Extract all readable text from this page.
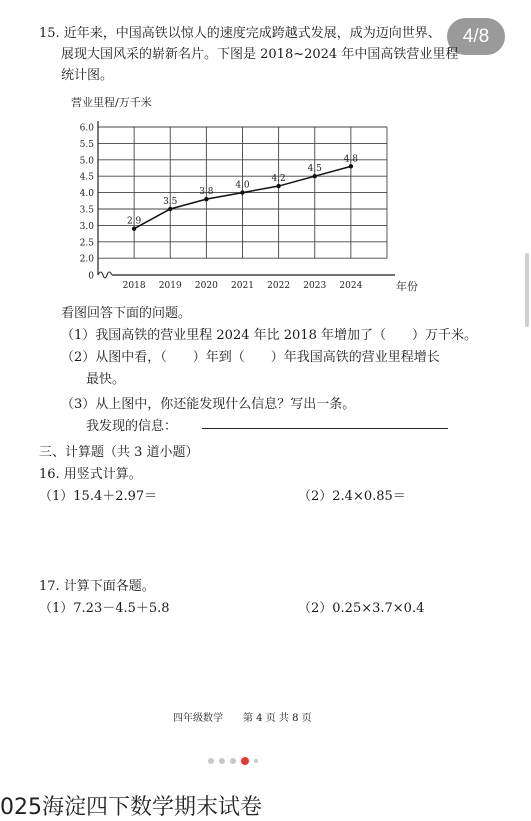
4/8
15. 近年来，中国高铁以惊人的速度完成跨越式发展，成为迈向世界、
展现大国风采的崭新名片。下图是 2018~2024 年中国高铁营业里程
统计图。
营业里程/万千米
年份
0
2.0
2.5
3.0
3.5
4.0
4.5
5.0
5.5
6.0
2018 2019 2020 2021 2022 2023 2024
2.9
3.5
3.8
4.0
4.2
4.5
4.8
看图回答下面的问题。
（1）我国高铁的营业里程 2024 年比 2018 年增加了（　　）万千米。
（2）从图中看，（　　）年到（　　）年我国高铁的营业里程增长
最快。
（3）从上图中，你还能发现什么信息？写出一条。
我发现的信息：
三、计算题（共 3 道小题）
16. 用竖式计算。
（1）15.4＋2.97＝	（2）2.4×0.85＝
17. 计算下面各题。
（1）7.23－4.5＋5.8	（2）0.25×3.7×0.4
四年级数学　　第 4 页 共 8 页
025海淀四下数学期末试卷
